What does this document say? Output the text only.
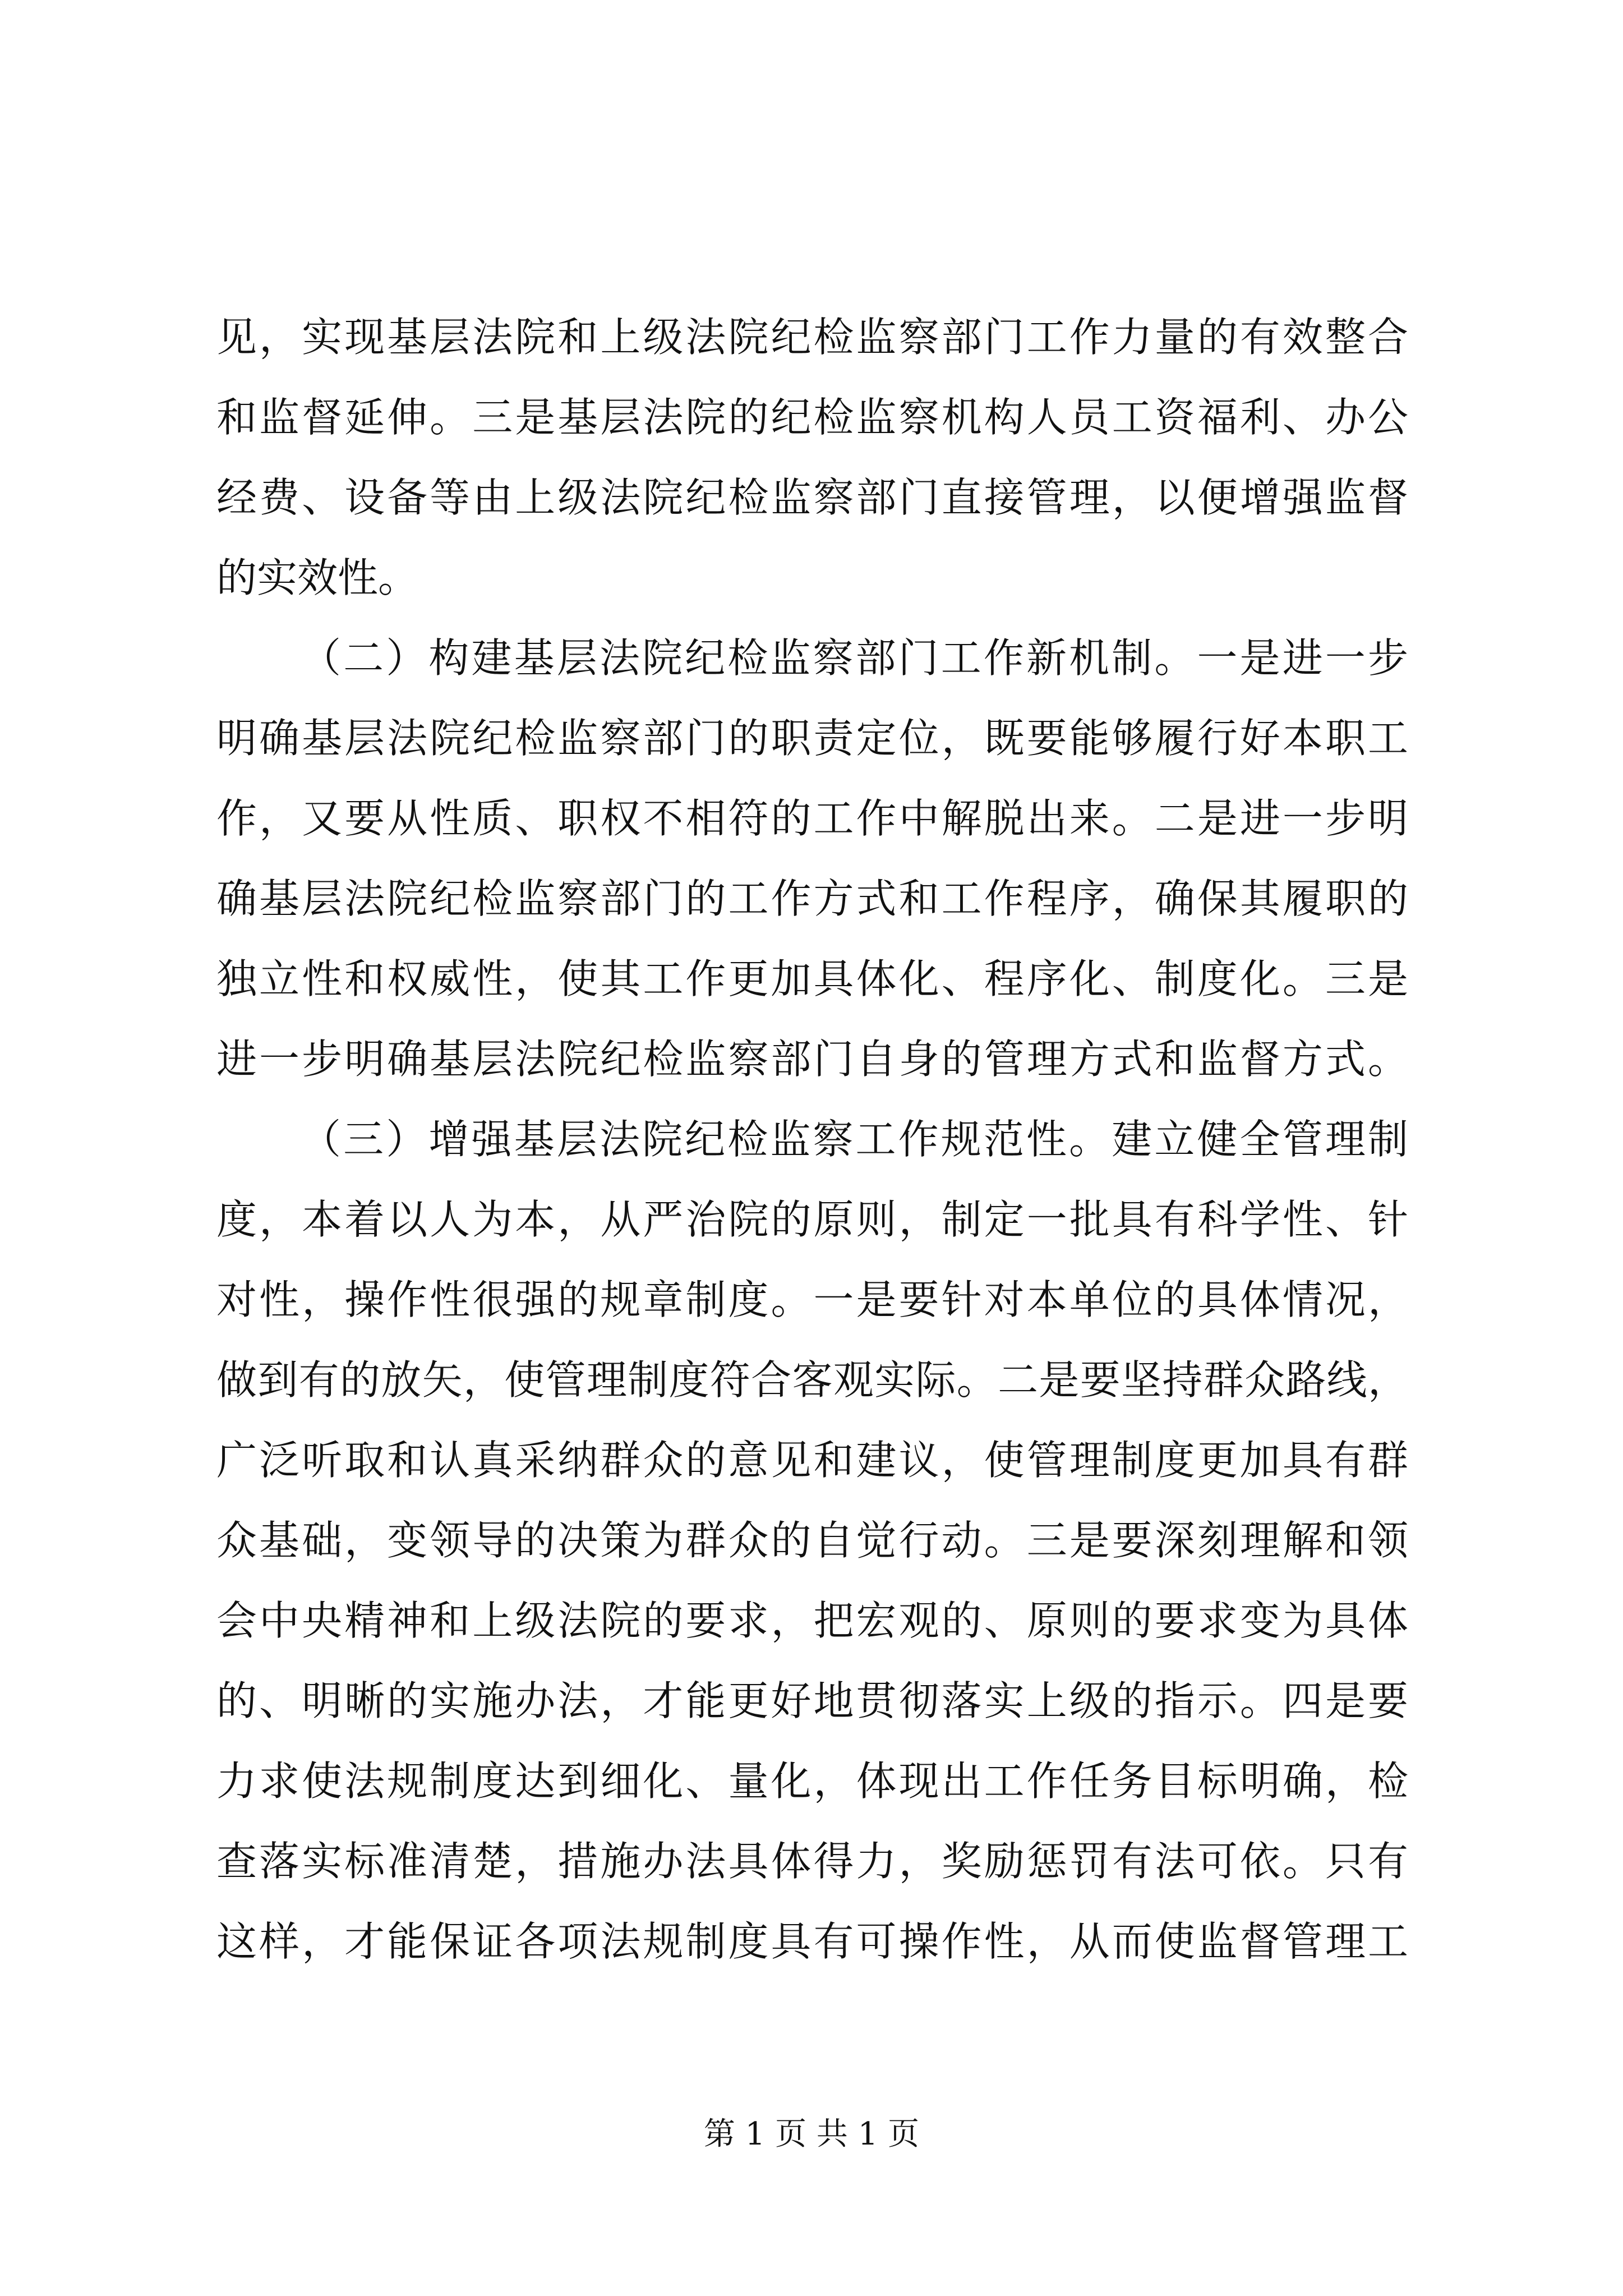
见，实现基层法院和上级法院纪检监察部门工作力量的有效整合
和监督延伸。三是基层法院的纪检监察机构人员工资福利、办公
经费、设备等由上级法院纪检监察部门直接管理，以便增强监督
的实效性。
（二）构建基层法院纪检监察部门工作新机制。一是进一步
明确基层法院纪检监察部门的职责定位，既要能够履行好本职工
作，又要从性质、职权不相符的工作中解脱出来。二是进一步明
确基层法院纪检监察部门的工作方式和工作程序，确保其履职的
独立性和权威性，使其工作更加具体化、程序化、制度化。三是
进一步明确基层法院纪检监察部门自身的管理方式和监督方式。
（三）增强基层法院纪检监察工作规范性。建立健全管理制
度，本着以人为本，从严治院的原则，制定一批具有科学性、针
对性，操作性很强的规章制度。一是要针对本单位的具体情况，
做到有的放矢，使管理制度符合客观实际。二是要坚持群众路线，
广泛听取和认真采纳群众的意见和建议，使管理制度更加具有群
众基础，变领导的决策为群众的自觉行动。三是要深刻理解和领
会中央精神和上级法院的要求，把宏观的、原则的要求变为具体
的、明晰的实施办法，才能更好地贯彻落实上级的指示。四是要
力求使法规制度达到细化、量化，体现出工作任务目标明确，检
查落实标准清楚，措施办法具体得力，奖励惩罚有法可依。只有
这样，才能保证各项法规制度具有可操作性，从而使监督管理工
第 1 页 共 1 页
